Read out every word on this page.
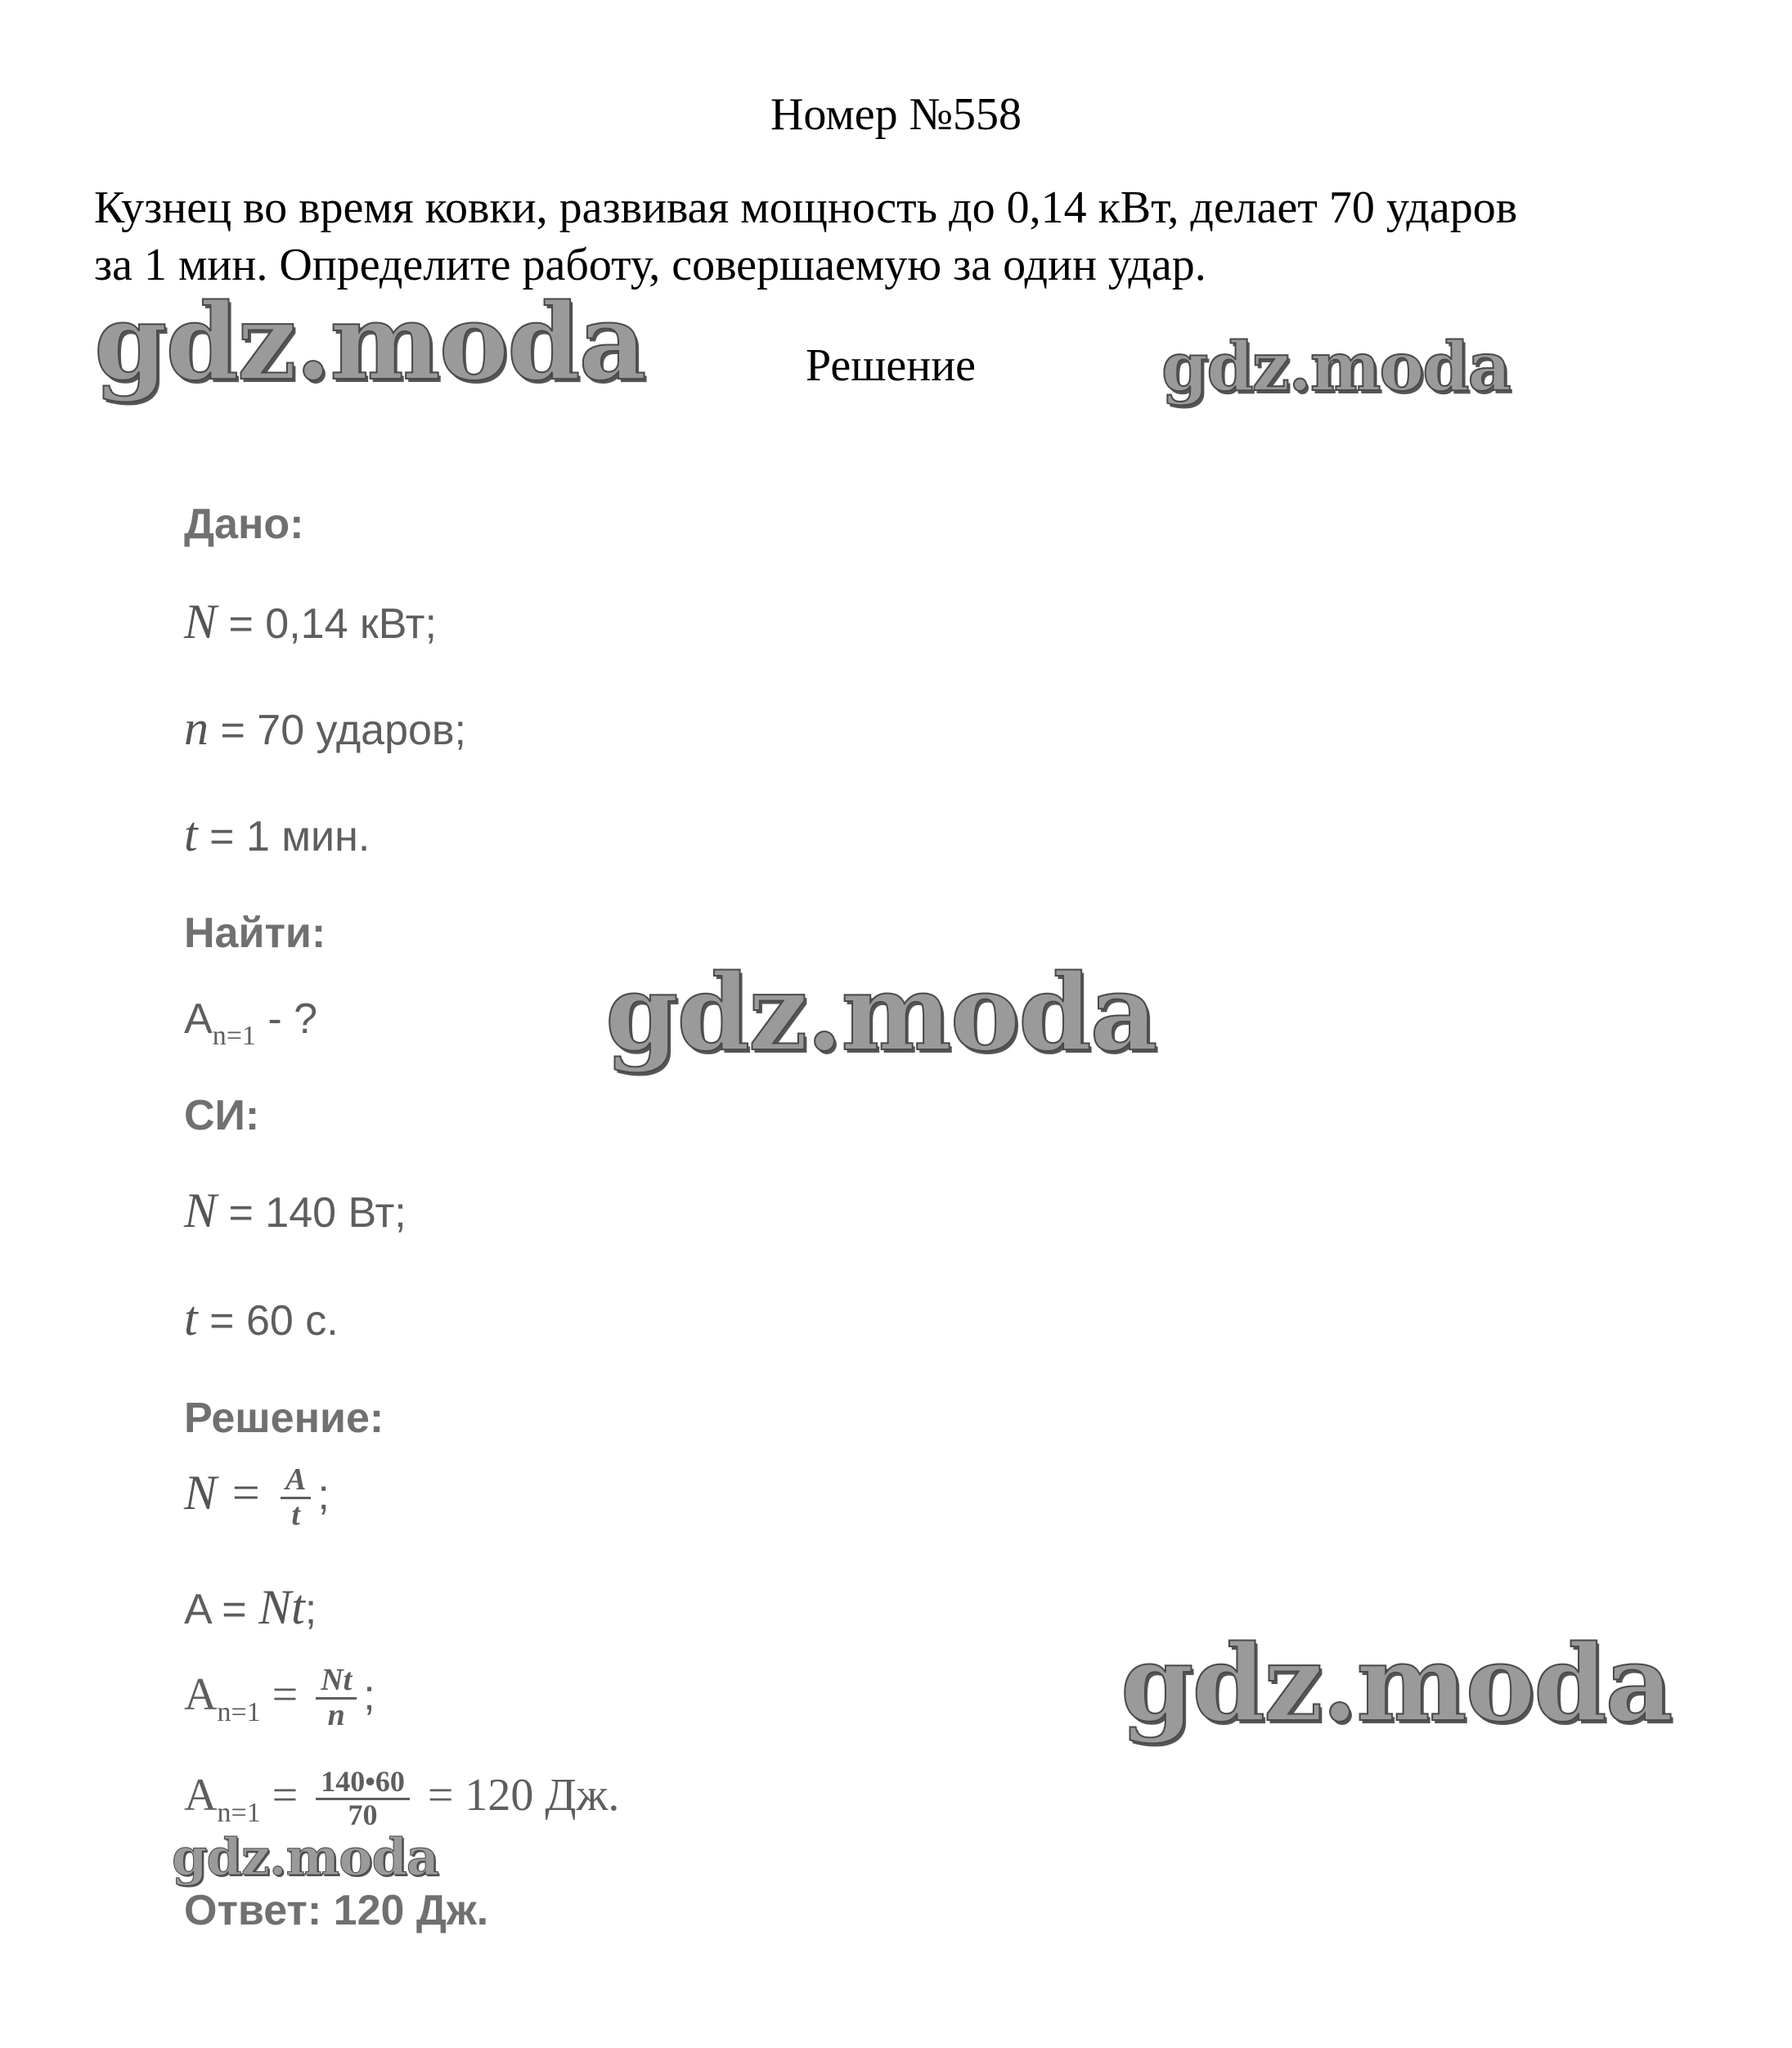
Номер №558
Кузнец во время ковки, развивая мощность до 0,14 кВт, делает 70 ударов
за 1 мин. Определите работу, совершаемую за один удар.
Решение
gdz.moda	gdz.moda
gdz.moda
gdz.moda
gdz.moda
Дано:
N = 0,14 кВт;
n = 70 ударов;
t = 1 мин.
Найти:
$A_{n=1}$ - ?
СИ:
N = 140 Вт;
t = 60 с.
Решение:
$N = \frac{A}{t}$ ;
A = Nt;
$A_{n=1} = \frac{Nt}{n}$ ;
$A_{n=1} = \frac{140•60}{70} = 120$ Дж.
Ответ: 120 Дж.
